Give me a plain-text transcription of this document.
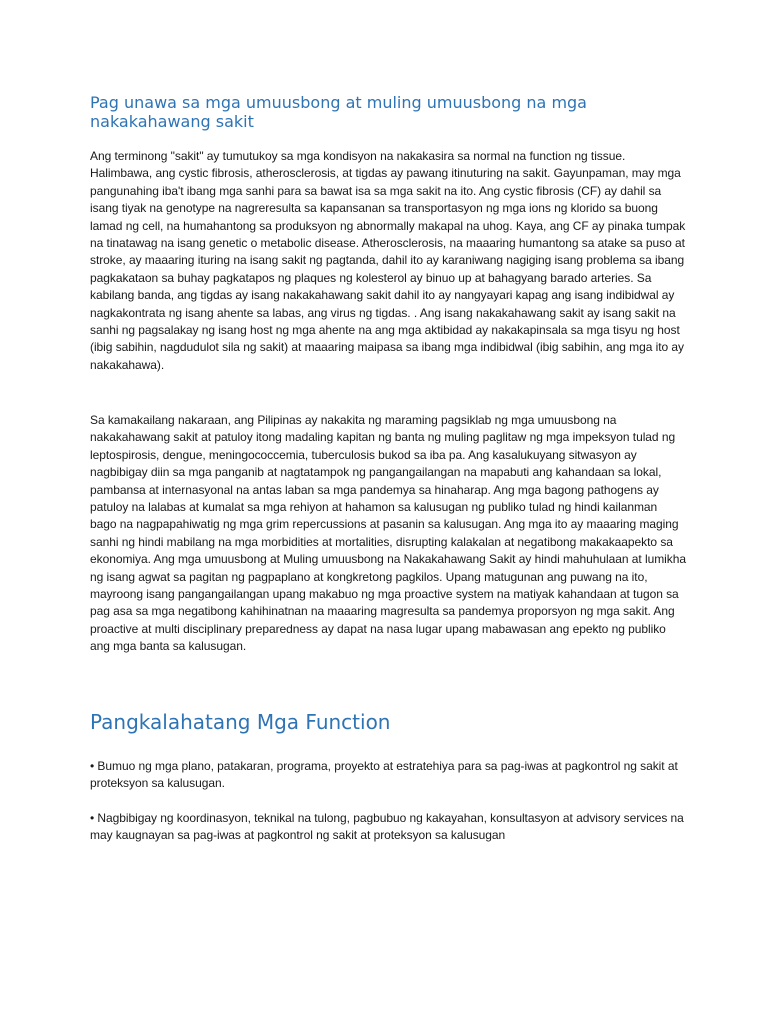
Pag unawa sa mga umuusbong at muling umuusbong na mga nakakahawang sakit

Ang terminong "sakit" ay tumutukoy sa mga kondisyon na nakakasira sa normal na function ng tissue. Halimbawa, ang cystic fibrosis, atherosclerosis, at tigdas ay pawang itinuturing na sakit. Gayunpaman, may mga pangunahing iba't ibang mga sanhi para sa bawat isa sa mga sakit na ito. Ang cystic fibrosis (CF) ay dahil sa isang tiyak na genotype na nagreresulta sa kapansanan sa transportasyon ng mga ions ng klorido sa buong lamad ng cell, na humahantong sa produksyon ng abnormally makapal na uhog. Kaya, ang CF ay pinaka tumpak na tinatawag na isang genetic o metabolic disease. Atherosclerosis, na maaaring humantong sa atake sa puso at stroke, ay maaaring ituring na isang sakit ng pagtanda, dahil ito ay karaniwang nagiging isang problema sa ibang pagkakataon sa buhay pagkatapos ng plaques ng kolesterol ay binuo up at bahagyang barado arteries. Sa kabilang banda, ang tigdas ay isang nakakahawang sakit dahil ito ay nangyayari kapag ang isang indibidwal ay nagkakontrata ng isang ahente sa labas, ang virus ng tigdas. . Ang isang nakakahawang sakit ay isang sakit na sanhi ng pagsalakay ng isang host ng mga ahente na ang mga aktibidad ay nakakapinsala sa mga tisyu ng host (ibig sabihin, nagdudulot sila ng sakit) at maaaring maipasa sa ibang mga indibidwal (ibig sabihin, ang mga ito ay nakakahawa).

Sa kamakailang nakaraan, ang Pilipinas ay nakakita ng maraming pagsiklab ng mga umuusbong na nakakahawang sakit at patuloy itong madaling kapitan ng banta ng muling paglitaw ng mga impeksyon tulad ng leptospirosis, dengue, meningococcemia, tuberculosis bukod sa iba pa. Ang kasalukuyang sitwasyon ay nagbibigay diin sa mga panganib at nagtatampok ng pangangailangan na mapabuti ang kahandaan sa lokal, pambansa at internasyonal na antas laban sa mga pandemya sa hinaharap. Ang mga bagong pathogens ay patuloy na lalabas at kumalat sa mga rehiyon at hahamon sa kalusugan ng publiko tulad ng hindi kailanman bago na nagpapahiwatig ng mga grim repercussions at pasanin sa kalusugan. Ang mga ito ay maaaring maging sanhi ng hindi mabilang na mga morbidities at mortalities, disrupting kalakalan at negatibong makakaapekto sa ekonomiya. Ang mga umuusbong at Muling umuusbong na Nakakahawang Sakit ay hindi mahuhulaan at lumikha ng isang agwat sa pagitan ng pagpaplano at kongkretong pagkilos. Upang matugunan ang puwang na ito, mayroong isang pangangailangan upang makabuo ng mga proactive system na matiyak kahandaan at tugon sa pag asa sa mga negatibong kahihinatnan na maaaring magresulta sa pandemya proporsyon ng mga sakit. Ang proactive at multi disciplinary preparedness ay dapat na nasa lugar upang mabawasan ang epekto ng publiko ang mga banta sa kalusugan.

Pangkalahatang Mga Function

• Bumuo ng mga plano, patakaran, programa, proyekto at estratehiya para sa pag-iwas at pagkontrol ng sakit at proteksyon sa kalusugan.

• Nagbibigay ng koordinasyon, teknikal na tulong, pagbubuo ng kakayahan, konsultasyon at advisory services na may kaugnayan sa pag-iwas at pagkontrol ng sakit at proteksyon sa kalusugan
